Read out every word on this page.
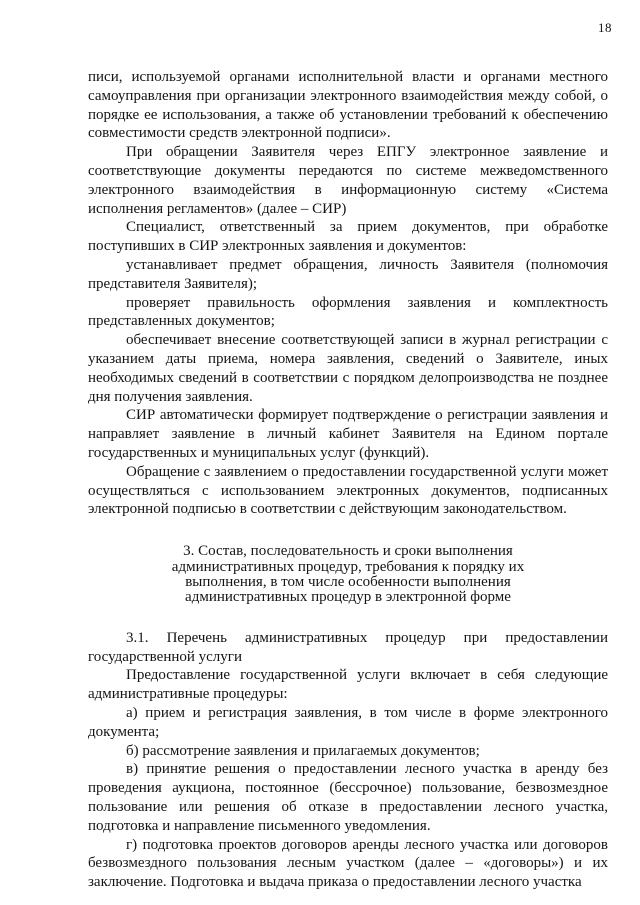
18

писи, используемой органами исполнительной власти и органами местного самоуправления при организации электронного взаимодействия между собой, о порядке ее использования, а также об установлении требований к обеспечению совместимости средств электронной подписи».

При обращении Заявителя через ЕПГУ электронное заявление и соответствующие документы передаются по системе межведомственного электронного взаимодействия в информационную систему «Система исполнения регламентов» (далее – СИР)

Специалист, ответственный за прием документов, при обработке поступивших в СИР электронных заявления и документов:

устанавливает предмет обращения, личность Заявителя (полномочия представителя Заявителя);

проверяет правильность оформления заявления и комплектность представленных документов;

обеспечивает внесение соответствующей записи в журнал регистрации с указанием даты приема, номера заявления, сведений о Заявителе, иных необходимых сведений в соответствии с порядком делопроизводства не позднее дня получения заявления.

СИР автоматически формирует подтверждение о регистрации заявления и направляет заявление в личный кабинет Заявителя на Едином портале государственных и муниципальных услуг (функций).

Обращение с заявлением о предоставлении государственной услуги может осуществляться с использованием электронных документов, подписанных электронной подписью в соответствии с действующим законодательством.

3. Состав, последовательность и сроки выполнения
административных процедур, требования к порядку их
выполнения, в том числе особенности выполнения
административных процедур в электронной форме

3.1. Перечень административных процедур при предоставлении государственной услуги

Предоставление государственной услуги включает в себя следующие административные процедуры:

а) прием и регистрация заявления, в том числе в форме электронного документа;

б) рассмотрение заявления и прилагаемых документов;

в) принятие решения о предоставлении лесного участка в аренду без проведения аукциона, постоянное (бессрочное) пользование, безвозмездное пользование или решения об отказе в предоставлении лесного участка, подготовка и направление письменного уведомления.

г) подготовка проектов договоров аренды лесного участка или договоров безвозмездного пользования лесным участком (далее – «договоры») и их заключение. Подготовка и выдача приказа о предоставлении лесного участка
